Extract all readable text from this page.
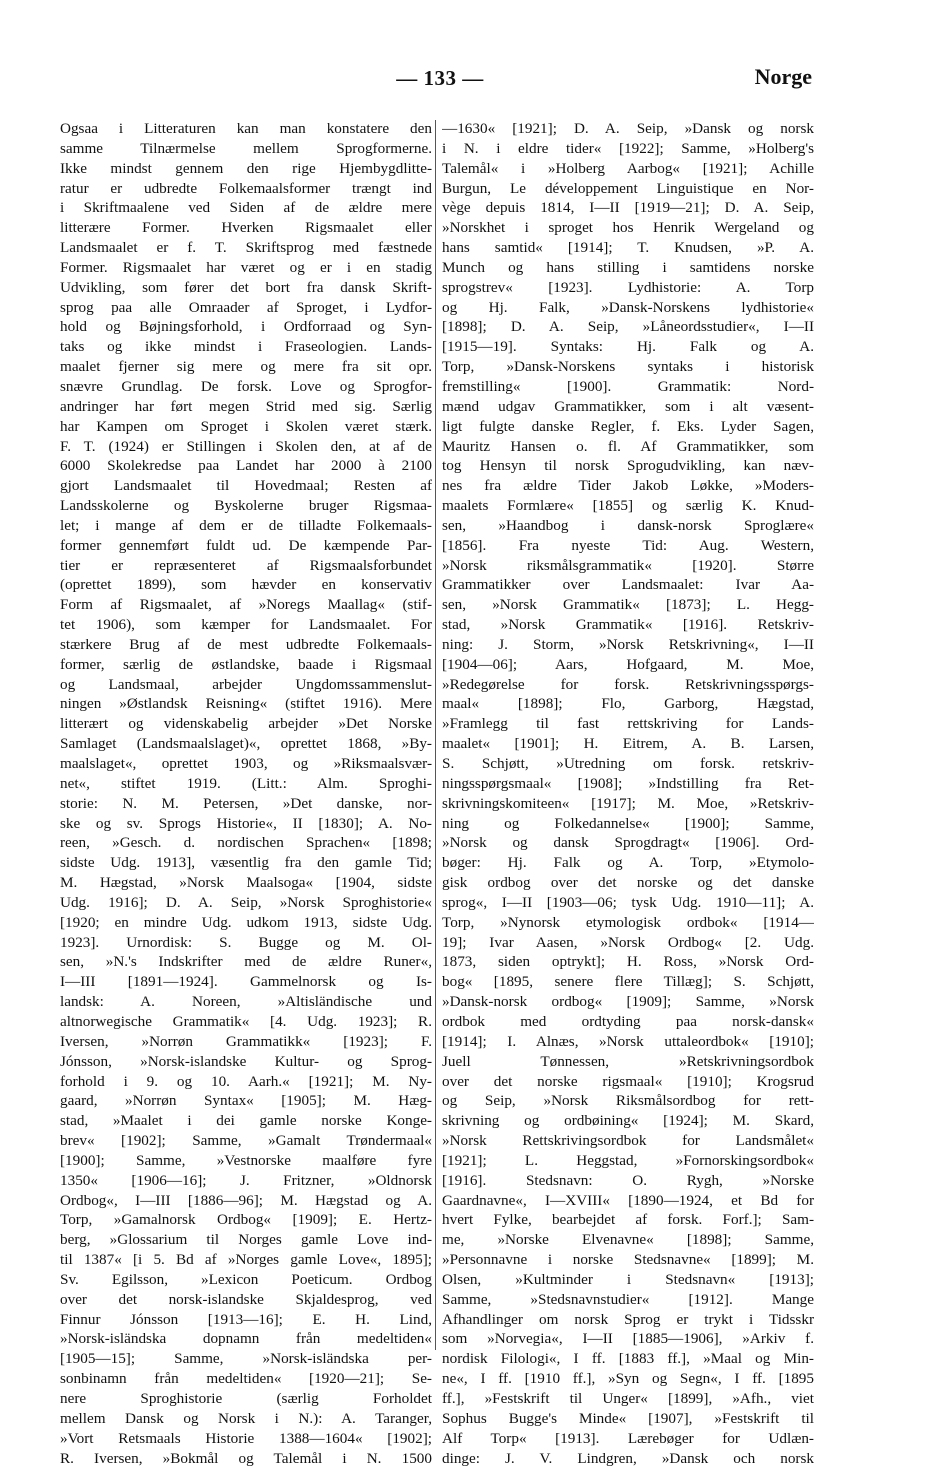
— 133 —	Norge
Ogsaa i Litteraturen kan man konstatere den
samme Tilnærmelse mellem Sprogformerne.
Ikke mindst gennem den rige Hjembygdlitte-
ratur er udbredte Folkemaalsformer trængt ind
i Skriftmaalene ved Siden af de ældre mere
litterære Former. Hverken Rigsmaalet eller
Landsmaalet er f. T. Skriftsprog med fæstnede
Former. Rigsmaalet har været og er i en stadig
Udvikling, som fører det bort fra dansk Skrift-
sprog paa alle Omraader af Sproget, i Lydfor-
hold og Bøjningsforhold, i Ordforraad og Syn-
taks og ikke mindst i Fraseologien. Lands-
maalet fjerner sig mere og mere fra sit opr.
snævre Grundlag. De forsk. Love og Sprogfor-
andringer har ført megen Strid med sig. Særlig
har Kampen om Sproget i Skolen været stærk.
F. T. (1924) er Stillingen i Skolen den, at af de
6000 Skolekredse paa Landet har 2000 à 2100
gjort Landsmaalet til Hovedmaal; Resten af
Landsskolerne og Byskolerne bruger Rigsmaa-
let; i mange af dem er de tilladte Folkemaals-
former gennemført fuldt ud. De kæmpende Par-
tier er repræsenteret af Rigsmaalsforbundet
(oprettet 1899), som hævder en konservativ
Form af Rigsmaalet, af »Noregs Maallag« (stif-
tet 1906), som kæmper for Landsmaalet. For
stærkere Brug af de mest udbredte Folkemaals-
former, særlig de østlandske, baade i Rigsmaal
og Landsmaal, arbejder Ungdomssammenslut-
ningen »Østlandsk Reisning« (stiftet 1916). Mere
litterært og videnskabelig arbejder »Det Norske
Samlaget (Landsmaalslaget)«, oprettet 1868, »By-
maalslaget«, oprettet 1903, og »Riksmaalsvær-
net«, stiftet 1919. (Litt.: Alm. Sproghi-
storie: N. M. Petersen, »Det danske, nor-
ske og sv. Sprogs Historie«, II [1830]; A. No-
reen, »Gesch. d. nordischen Sprachen« [1898;
sidste Udg. 1913], væsentlig fra den gamle Tid;
M. Hægstad, »Norsk Maalsoga« [1904, sidste
Udg. 1916]; D. A. Seip, »Norsk Sproghistorie«
[1920; en mindre Udg. udkom 1913, sidste Udg.
1923]. Urnordisk: S. Bugge og M. Ol-
sen, »N.'s Indskrifter med de ældre Runer«,
I—III [1891—1924]. Gammelnorsk og Is-
landsk: A. Noreen, »Altisländische und
altnorwegische Grammatik« [4. Udg. 1923]; R.
Iversen, »Norrøn Grammatikk« [1923]; F.
Jónsson, »Norsk-islandske Kultur- og Sprog-
forhold i 9. og 10. Aarh.« [1921]; M. Ny-
gaard, »Norrøn Syntax« [1905]; M. Hæg-
stad, »Maalet i dei gamle norske Konge-
brev« [1902]; Samme, »Gamalt Trøndermaal«
[1900]; Samme, »Vestnorske maalføre fyre
1350« [1906—16]; J. Fritzner, »Oldnorsk
Ordbog«, I—III [1886—96]; M. Hægstad og A.
Torp, »Gamalnorsk Ordbog« [1909]; E. Hertz-
berg, »Glossarium til Norges gamle Love ind-
til 1387« [i 5. Bd af »Norges gamle Love«, 1895];
Sv. Egilsson, »Lexicon Poeticum. Ordbog
over det norsk-islandske Skjaldesprog, ved
Finnur Jónsson [1913—16]; E. H. Lind,
»Norsk-isländska dopnamn från medeltiden«
[1905—15]; Samme, »Norsk-isländska per-
sonbinamn från medeltiden« [1920—21]; Se-
nere Sproghistorie (særlig Forholdet
mellem Dansk og Norsk i N.): A. Taranger,
»Vort Retsmaals Historie 1388—1604« [1902];
R. Iversen, »Bokmål og Talemål i N. 1500
—1630« [1921]; D. A. Seip, »Dansk og norsk
i N. i eldre tider« [1922]; Samme, »Holberg's
Talemål« i »Holberg Aarbog« [1921]; Achille
Burgun, Le développement Linguistique en Nor-
vège depuis 1814, I—II [1919—21]; D. A. Seip,
»Norskhet i sproget hos Henrik Wergeland og
hans samtid« [1914]; T. Knudsen, »P. A.
Munch og hans stilling i samtidens norske
sprogstrev« [1923]. Lydhistorie: A. Torp
og Hj. Falk, »Dansk-Norskens lydhistorie«
[1898]; D. A. Seip, »Låneordsstudier«, I—II
[1915—19]. Syntaks: Hj. Falk og A.
Torp, »Dansk-Norskens syntaks i historisk
fremstilling« [1900]. Grammatik: Nord-
mænd udgav Grammatikker, som i alt væsent-
ligt fulgte danske Regler, f. Eks. Lyder Sagen,
Mauritz Hansen o. fl. Af Grammatikker, som
tog Hensyn til norsk Sprogudvikling, kan næv-
nes fra ældre Tider Jakob Løkke, »Moders-
maalets Formlære« [1855] og særlig K. Knud-
sen, »Haandbog i dansk-norsk Sproglære«
[1856]. Fra nyeste Tid: Aug. Western,
»Norsk riksmålsgrammatik« [1920]. Større
Grammatikker over Landsmaalet: Ivar Aa-
sen, »Norsk Grammatik« [1873]; L. Hegg-
stad, »Norsk Grammatik« [1916]. Retskriv-
ning: J. Storm, »Norsk Retskrivning«, I—II
[1904—06]; Aars, Hofgaard, M. Moe,
»Redegørelse for forsk. Retskrivningsspørgs-
maal« [1898]; Flo, Garborg, Hægstad,
»Framlegg til fast rettskriving for Lands-
maalet« [1901]; H. Eitrem, A. B. Larsen,
S. Schjøtt, »Utredning om forsk. retskriv-
ningsspørgsmaal« [1908]; »Indstilling fra Ret-
skrivningskomiteen« [1917]; M. Moe, »Retskriv-
ning og Folkedannelse« [1900]; Samme,
»Norsk og dansk Sprogdragt« [1906]. Ord-
bøger: Hj. Falk og A. Torp, »Etymolo-
gisk ordbog over det norske og det danske
sprog«, I—II [1903—06; tysk Udg. 1910—11]; A.
Torp, »Nynorsk etymologisk ordbok« [1914—
19]; Ivar Aasen, »Norsk Ordbog« [2. Udg.
1873, siden optrykt]; H. Ross, »Norsk Ord-
bog« [1895, senere flere Tillæg]; S. Schjøtt,
»Dansk-norsk ordbog« [1909]; Samme, »Norsk
ordbok med ordtyding paa norsk-dansk«
[1914]; I. Alnæs, »Norsk uttaleordbok« [1910];
Juell Tønnessen, »Retskrivningsordbok
over det norske rigsmaal« [1910]; Krogsrud
og Seip, »Norsk Riksmålsordbog for rett-
skrivning og ordbøining« [1924]; M. Skard,
»Norsk Rettskrivingsordbok for Landsmålet«
[1921]; L. Heggstad, »Fornorskingsordbok«
[1916]. Stedsnavn: O. Rygh, »Norske
Gaardnavne«, I—XVIII« [1890—1924, et Bd for
hvert Fylke, bearbejdet af forsk. Forf.]; Sam-
me, »Norske Elvenavne« [1898]; Samme,
»Personnavne i norske Stedsnavne« [1899]; M.
Olsen, »Kultminder i Stedsnavn« [1913];
Samme, »Stedsnavnstudier« [1912]. Mange
Afhandlinger om norsk Sprog er trykt i Tidsskr
som »Norvegia«, I—II [1885—1906], »Arkiv f.
nordisk Filologi«, I ff. [1883 ff.], »Maal og Min-
ne«, I ff. [1910 ff.], »Syn og Segn«, I ff. [1895
ff.], »Festskrift til Unger« [1899], »Afh., viet
Sophus Bugge's Minde« [1907], »Festskrift til
Alf Torp« [1913]. Lærebøger for Udlæn-
dinge: J. V. Lindgren, »Dansk och norsk
